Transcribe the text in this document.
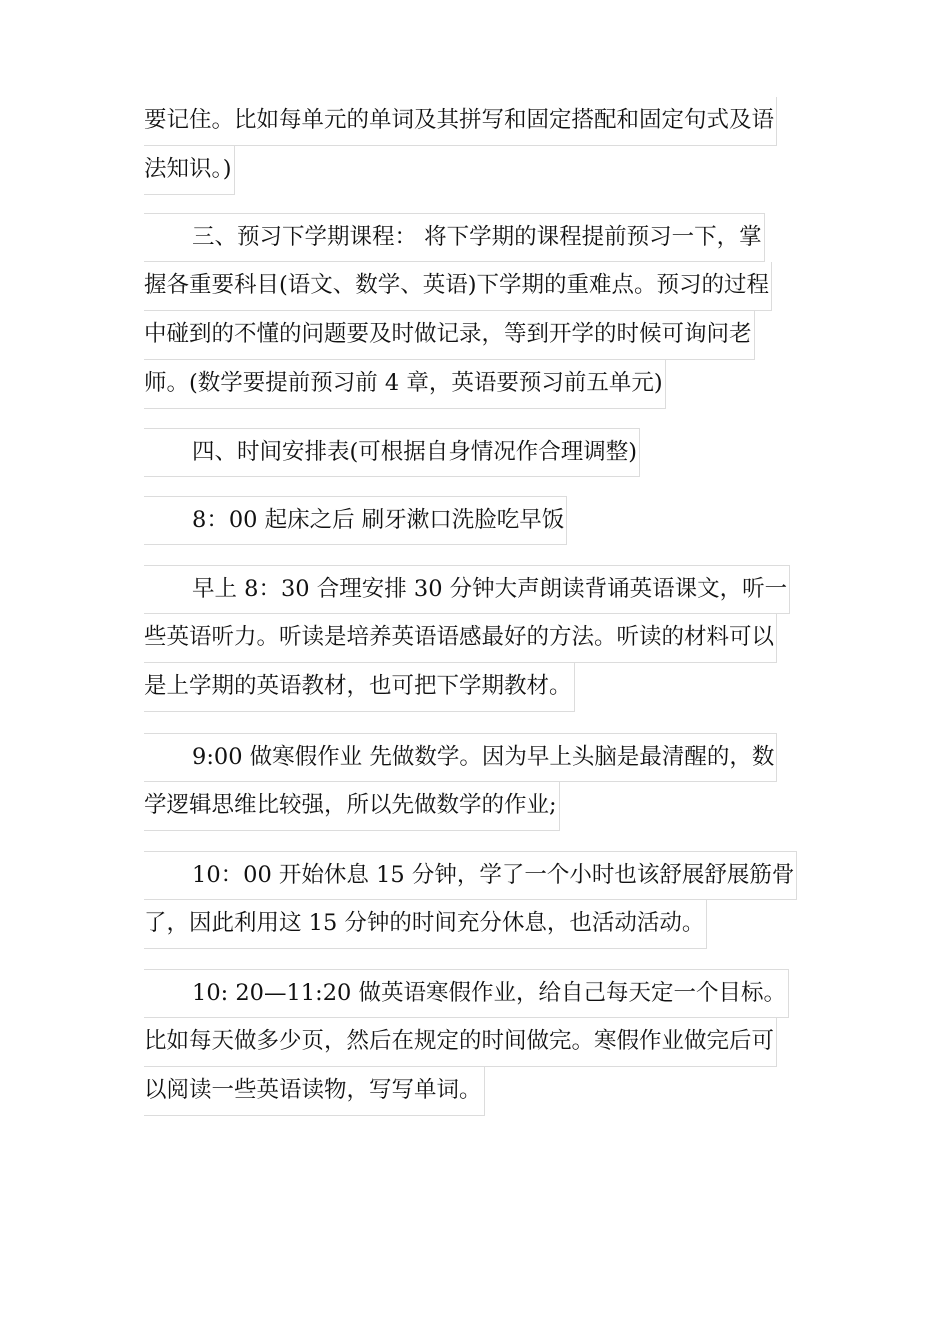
要记住。比如每单元的单词及其拼写和固定搭配和固定句式及语
法知识。)
三、预习下学期课程： 将下学期的课程提前预习一下，掌
握各重要科目(语文、数学、英语)下学期的重难点。预习的过程
中碰到的不懂的问题要及时做记录，等到开学的时候可询问老
师。(数学要提前预习前 4 章，英语要预习前五单元)
四、时间安排表(可根据自身情况作合理调整)
8：00 起床之后 刷牙漱口洗脸吃早饭
早上 8：30 合理安排 30 分钟大声朗读背诵英语课文，听一
些英语听力。听读是培养英语语感最好的方法。听读的材料可以
是上学期的英语教材，也可把下学期教材。
9:00 做寒假作业 先做数学。因为早上头脑是最清醒的，数
学逻辑思维比较强，所以先做数学的作业;
10：00 开始休息 15 分钟，学了一个小时也该舒展舒展筋骨
了，因此利用这 15 分钟的时间充分休息，也活动活动。
10: 20—11:20 做英语寒假作业，给自己每天定一个目标。
比如每天做多少页，然后在规定的时间做完。寒假作业做完后可
以阅读一些英语读物，写写单词。
